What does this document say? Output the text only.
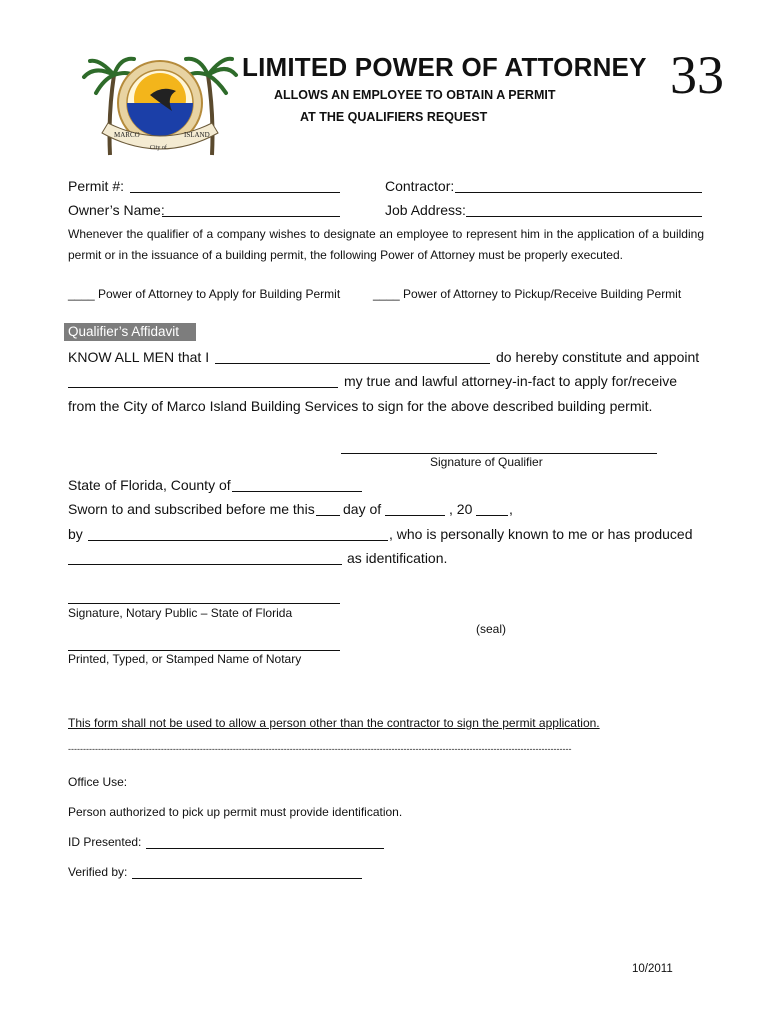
MARCO	ISLAND
City of
LIMITED POWER OF ATTORNEY 33
ALLOWS AN EMPLOYEE TO OBTAIN A PERMIT
AT THE QUALIFIERS REQUEST
Permit #:	Contractor:
Owner’s Name:	Job Address:
Whenever the qualifier of a company wishes to designate an employee to represent him in the application of a building permit or in the issuance of a building permit, the following Power of Attorney must be properly executed.
____ Power of Attorney to Apply for Building Permit	____ Power of Attorney to Pickup/Receive Building Permit
Qualifier’s Affidavit
KNOW ALL MEN that I	do hereby constitute and appoint
my true and lawful attorney-in-fact to apply for/receive
from the City of Marco Island Building Services to sign for the above described building permit.
Signature of Qualifier
State of Florida, County of
Sworn to and subscribed before me this day of	, 20	,
by	, who is personally known to me or has produced
as identification.
Signature, Notary Public – State of Florida
(seal)
Printed, Typed, or Stamped Name of Notary
This form shall not be used to allow a person other than the contractor to sign the permit application.
------------------------------------------------------------------------------------------------------------------------------------------------------------------------
Office Use:
Person authorized to pick up permit must provide identification.
ID Presented:
Verified by:
10/2011
